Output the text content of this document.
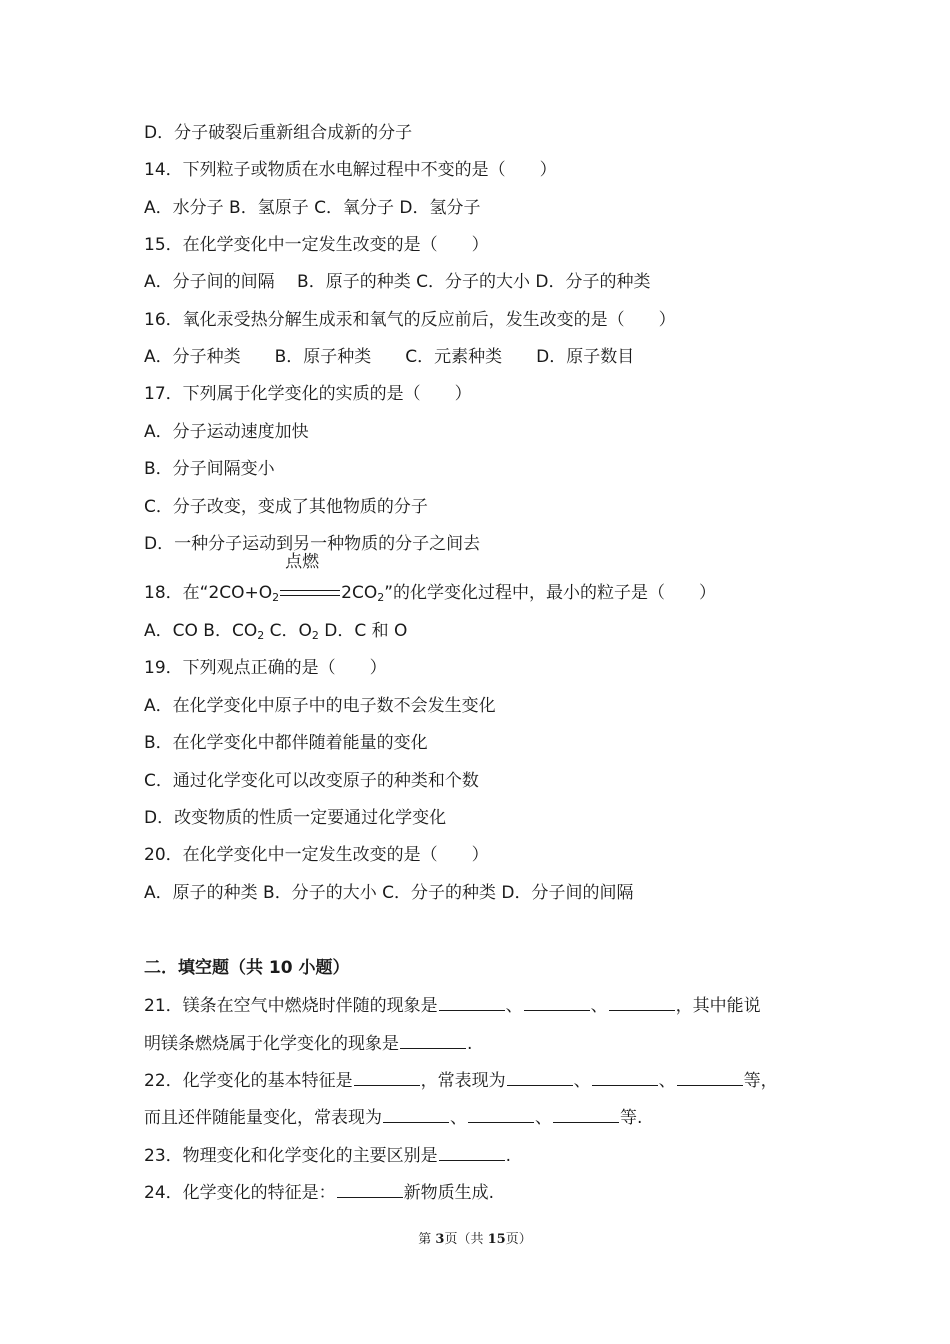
D．分子破裂后重新组合成新的分子
14．下列粒子或物质在水电解过程中不变的是（　　）
A．水分子 B．氢原子 C．氧分子 D．氢分子
15．在化学变化中一定发生改变的是（　　）
A．分子间的间隔　 B．原子的种类 C．分子的大小 D．分子的种类
16．氧化汞受热分解生成汞和氧气的反应前后，发生改变的是（　　）
A．分子种类　　B．原子种类　　C．元素种类　　D．原子数目
17．下列属于化学变化的实质的是（　　）
A．分子运动速度加快
B．分子间隔变小
C．分子改变，变成了其他物质的分子
D．一种分子运动到另一种物质的分子之间去
18．在“$2CO+O_2$
点燃
$2CO_2$”的化学变化过程中，最小的粒子是（　　）
A．CO B．$CO_2$ C．$O_2$ D．C 和 O
19．下列观点正确的是（　　）
A．在化学变化中原子中的电子数不会发生变化
B．在化学变化中都伴随着能量的变化
C．通过化学变化可以改变原子的种类和个数
D．改变物质的性质一定要通过化学变化
20．在化学变化中一定发生改变的是（　　）
A．原子的种类 B．分子的大小 C．分子的种类 D．分子间的间隔
二．填空题（共 10 小题）
21．镁条在空气中燃烧时伴随的现象是	、	、	，其中能说
明镁条燃烧属于化学变化的现象是	.
22．化学变化的基本特征是	，常表现为	、	、	等，
而且还伴随能量变化，常表现为	、	、	等.
23．物理变化和化学变化的主要区别是	.
24．化学变化的特征是：	新物质生成.
第 3页（共 15页）
